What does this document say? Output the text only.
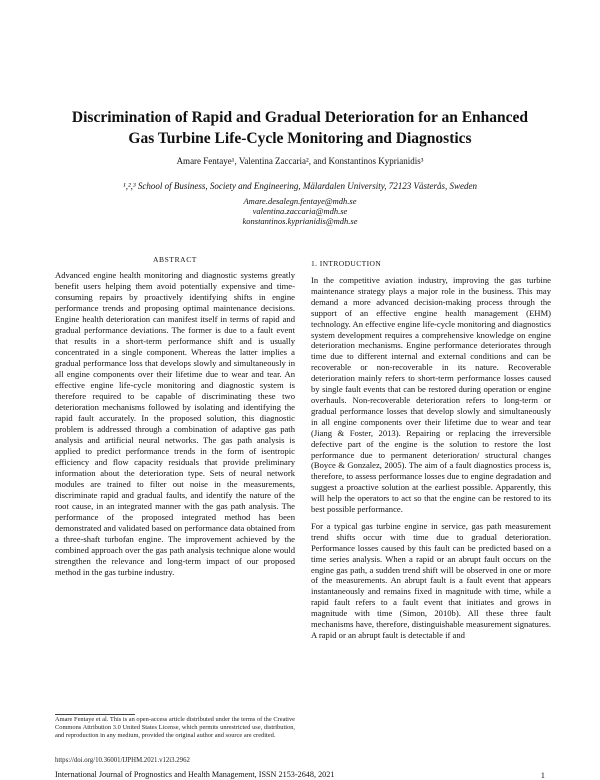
Discrimination of Rapid and Gradual Deterioration for an Enhanced
Gas Turbine Life-Cycle Monitoring and Diagnostics
Amare Fentaye¹, Valentina Zaccaria², and Konstantinos Kyprianidis³
¹,²,³ School of Business, Society and Engineering, Mälardalen University, 72123 Västerås, Sweden
Amare.desalegn.fentaye@mdh.se
valentina.zaccaria@mdh.se
konstantinos.kyprianidis@mdh.se
ABSTRACT
Advanced engine health monitoring and diagnostic systems greatly benefit users helping them avoid potentially expensive and time-consuming repairs by proactively identifying shifts in engine performance trends and proposing optimal maintenance decisions. Engine health deterioration can manifest itself in terms of rapid and gradual performance deviations. The former is due to a fault event that results in a short-term performance shift and is usually concentrated in a single component. Whereas the latter implies a gradual performance loss that develops slowly and simultaneously in all engine components over their lifetime due to wear and tear. An effective engine life-cycle monitoring and diagnostic system is therefore required to be capable of discriminating these two deterioration mechanisms followed by isolating and identifying the rapid fault accurately. In the proposed solution, this diagnostic problem is addressed through a combination of adaptive gas path analysis and artificial neural networks. The gas path analysis is applied to predict performance trends in the form of isentropic efficiency and flow capacity residuals that provide preliminary information about the deterioration type. Sets of neural network modules are trained to filter out noise in the measurements, discriminate rapid and gradual faults, and identify the nature of the root cause, in an integrated manner with the gas path analysis. The performance of the proposed integrated method has been demonstrated and validated based on performance data obtained from a three-shaft turbofan engine. The improvement achieved by the combined approach over the gas path analysis technique alone would strengthen the relevance and long-term impact of our proposed method in the gas turbine industry.
1. INTRODUCTION

In the competitive aviation industry, improving the gas turbine maintenance strategy plays a major role in the business. This may demand a more advanced decision-making process through the support of an effective engine health management (EHM) technology. An effective engine life-cycle monitoring and diagnostics system development requires a comprehensive knowledge on engine deterioration mechanisms. Engine performance deteriorates through time due to different internal and external conditions and can be recoverable or non-recoverable in its nature. Recoverable deterioration mainly refers to short-term performance losses caused by single fault events that can be restored during operation or engine overhauls. Non-recoverable deterioration refers to long-term or gradual performance losses that develop slowly and simultaneously in all engine components over their lifetime due to wear and tear (Jiang & Foster, 2013). Repairing or replacing the irreversible defective part of the engine is the solution to restore the lost performance due to permanent deterioration/ structural changes (Boyce & Gonzalez, 2005). The aim of a fault diagnostics process is, therefore, to assess performance losses due to engine degradation and suggest a proactive solution at the earliest possible. Apparently, this will help the operators to act so that the engine can be restored to its best possible performance.

For a typical gas turbine engine in service, gas path measurement trend shifts occur with time due to gradual deterioration. Performance losses caused by this fault can be predicted based on a time series analysis. When a rapid or an abrupt fault occurs on the engine gas path, a sudden trend shift will be observed in one or more of the measurements. An abrupt fault is a fault event that appears instantaneously and remains fixed in magnitude with time, while a rapid fault refers to a fault event that initiates and grows in magnitude with time (Simon, 2010b). All these three fault mechanisms have, therefore, distinguishable measurement signatures. A rapid or an abrupt fault is detectable if and

Amare Fentaye et al. This is an open-access article distributed under the terms of the Creative Commons Attribution 3.0 United States License, which permits unrestricted use, distribution, and reproduction in any medium, provided the original author and source are credited.
https://doi.org/10.36001/IJPHM.2021.v12i3.2962
International Journal of Prognostics and Health Management, ISSN 2153-2648, 2021	1
